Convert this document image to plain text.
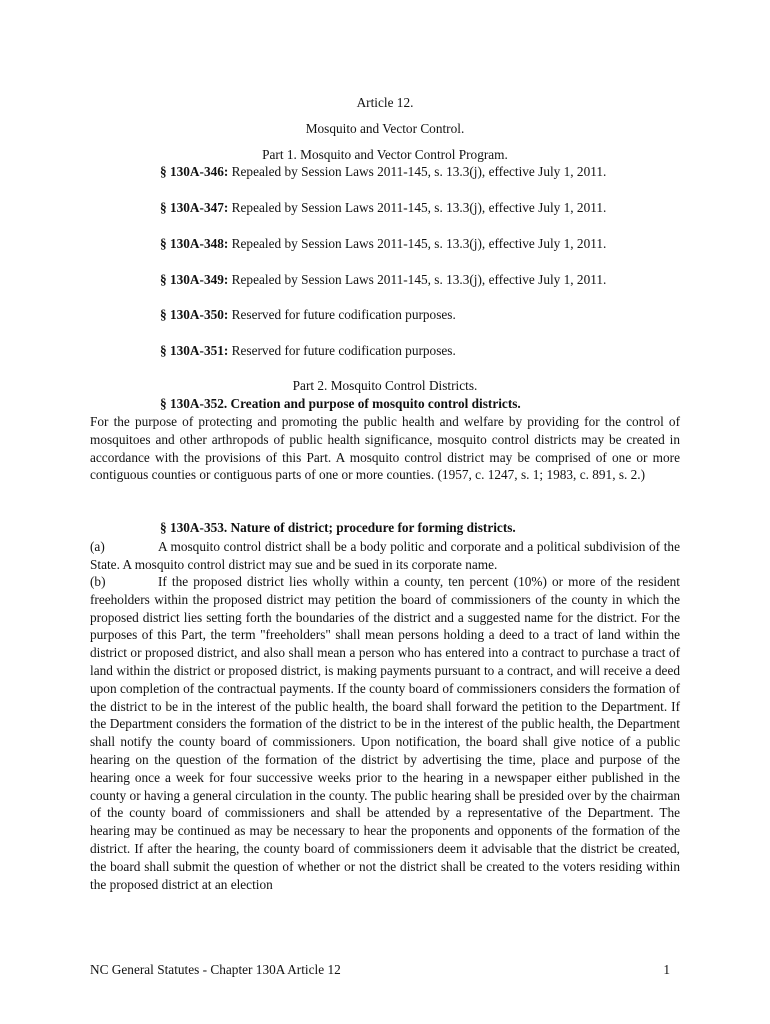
Article 12.
Mosquito and Vector Control.
Part 1. Mosquito and Vector Control Program.
§ 130A-346: Repealed by Session Laws 2011-145, s. 13.3(j), effective July 1, 2011.
§ 130A-347: Repealed by Session Laws 2011-145, s. 13.3(j), effective July 1, 2011.
§ 130A-348: Repealed by Session Laws 2011-145, s. 13.3(j), effective July 1, 2011.
§ 130A-349: Repealed by Session Laws 2011-145, s. 13.3(j), effective July 1, 2011.
§ 130A-350: Reserved for future codification purposes.
§ 130A-351: Reserved for future codification purposes.
Part 2. Mosquito Control Districts.
§ 130A-352. Creation and purpose of mosquito control districts.
For the purpose of protecting and promoting the public health and welfare by providing for the control of mosquitoes and other arthropods of public health significance, mosquito control districts may be created in accordance with the provisions of this Part. A mosquito control district may be comprised of one or more contiguous counties or contiguous parts of one or more counties. (1957, c. 1247, s. 1; 1983, c. 891, s. 2.)
§ 130A-353. Nature of district; procedure for forming districts.
(a)	A mosquito control district shall be a body politic and corporate and a political subdivision of the State. A mosquito control district may sue and be sued in its corporate name.
(b)	If the proposed district lies wholly within a county, ten percent (10%) or more of the resident freeholders within the proposed district may petition the board of commissioners of the county in which the proposed district lies setting forth the boundaries of the district and a suggested name for the district. For the purposes of this Part, the term "freeholders" shall mean persons holding a deed to a tract of land within the district or proposed district, and also shall mean a person who has entered into a contract to purchase a tract of land within the district or proposed district, is making payments pursuant to a contract, and will receive a deed upon completion of the contractual payments. If the county board of commissioners considers the formation of the district to be in the interest of the public health, the board shall forward the petition to the Department. If the Department considers the formation of the district to be in the interest of the public health, the Department shall notify the county board of commissioners. Upon notification, the board shall give notice of a public hearing on the question of the formation of the district by advertising the time, place and purpose of the hearing once a week for four successive weeks prior to the hearing in a newspaper either published in the county or having a general circulation in the county. The public hearing shall be presided over by the chairman of the county board of commissioners and shall be attended by a representative of the Department. The hearing may be continued as may be necessary to hear the proponents and opponents of the formation of the district. If after the hearing, the county board of commissioners deem it advisable that the district be created, the board shall submit the question of whether or not the district shall be created to the voters residing within the proposed district at an election
NC General Statutes - Chapter 130A Article 12	1
